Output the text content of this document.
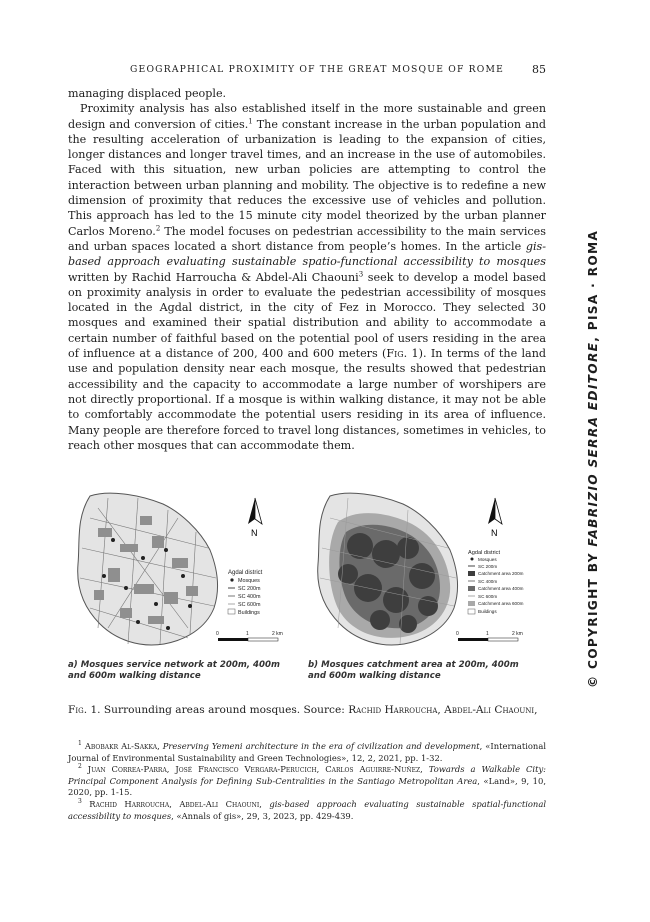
GEOGRAPHICAL PROXIMITY OF THE GREAT MOSQUE OF ROME	85

managing displaced people.

Proximity analysis has also established itself in the more sustainable and green design and conversion of cities.$^1$ The constant increase in the urban population and the resulting acceleration of urbanization is leading to the expansion of cities, longer distances and longer travel times, and an increase in the use of automobiles. Faced with this situation, new urban policies are attempting to control the interaction between urban planning and mobility. The objective is to redefine a new dimension of proximity that reduces the excessive use of vehicles and pollution. This approach has led to the 15 minute city model theorized by the urban planner Carlos Moreno.$^2$ The model focuses on pedestrian accessibility to the main services and urban spaces located a short distance from people’s homes. In the article gis-based approach evaluating sustainable spatio-functional accessibility to mosques written by Rachid Harroucha & Abdel-Ali Chaouni$^3$ seek to develop a model based on proximity analysis in order to evaluate the pedestrian accessibility of mosques located in the Agdal district, in the city of Fez in Morocco. They selected 30 mosques and examined their spatial distribution and ability to accommodate a certain number of faithful based on the potential pool of users residing in the area of influence at a distance of 200, 400 and 600 meters (Fig. 1). In terms of the land use and population density near each mosque, the results showed that pedestrian accessibility and the capacity to accommodate a large number of worshipers are not directly proportional. If a mosque is within walking distance, it may not be able to comfortably accommodate the potential users residing in its area of influence. Many people are therefore forced to travel long distances, sometimes in vehicles, to reach other mosques that can accommodate them.

© COPYRIGHT BY FABRIZIO SERRA EDITORE, PISA · ROMA
N
Agdal district
Mosques
SC 200m
SC 400m
SC 600m
Buildings
0	1	2 km
N
Agdal district
Mosques
SC 200m
Catchment area 200m
SC 400m
Catchment area 400m
SC 600m
Catchment area 600m
Buildings
0	1	2 km
a) Mosques service network at 200m, 400m and 600m walking distance
b) Mosques catchment area at 200m, 400m and 600m walking distance
Fig. 1. Surrounding areas around mosques. Source: Rachid Harroucha, Abdel-Ali Chaouni,

$^1$ Abobakr Al-Sakka, Preserving Yemeni architecture in the era of civilization and development, «International Journal of Environmental Sustainability and Green Technologies», 12, 2, 2021, pp. 1-32.

$^2$ Juan Correa-Parra, José Francisco Vergara-Perucich, Carlos Aguirre-Nuñez, Towards a Walkable City: Principal Component Analysis for Defining Sub-Centralities in the Santiago Metropolitan Area, «Land», 9, 10, 2020, pp. 1-15.

$^3$ Rachid Harroucha, Abdel-Ali Chaouni, gis-based approach evaluating sustainable spatial-functional accessibility to mosques, «Annals of gis», 29, 3, 2023, pp. 429-439.
